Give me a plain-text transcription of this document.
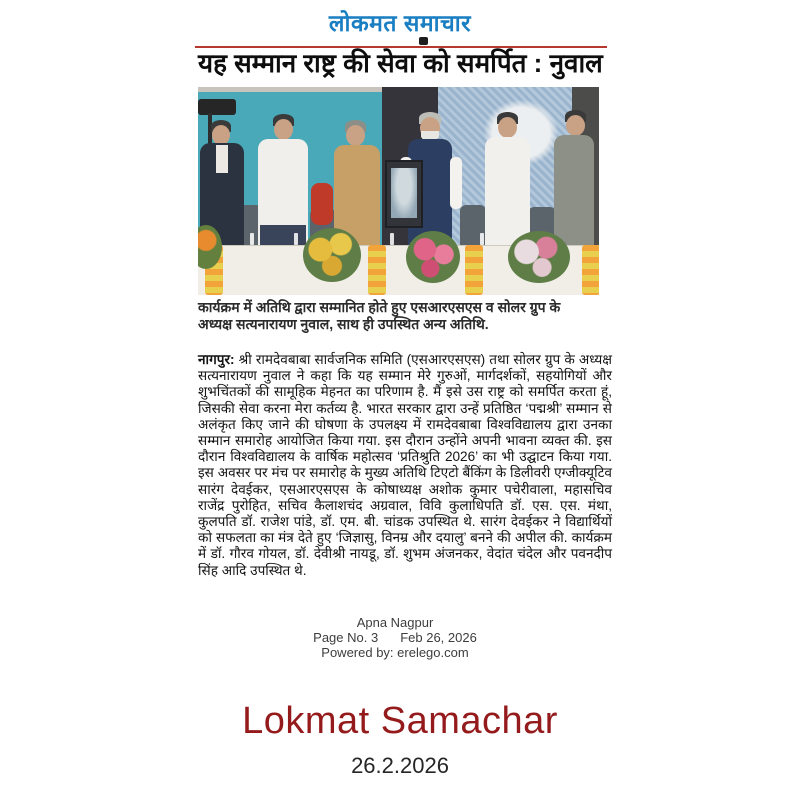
लोकमत समाचार
यह सम्मान राष्ट्र की सेवा को समर्पित : नुवाल
कार्यक्रम में अतिथि द्वारा सम्मानित होते हुए एसआरएसएस व सोलर ग्रुप के अध्यक्ष सत्यनारायण नुवाल, साथ ही उपस्थित अन्य अतिथि.
नागपुर: श्री रामदेवबाबा सार्वजनिक समिति (एसआरएसएस) तथा सोलर ग्रुप के अध्यक्ष सत्यनारायण नुवाल ने कहा कि यह सम्मान मेरे गुरुओं, मार्गदर्शकों, सहयोगियों और शुभचिंतकों की सामूहिक मेहनत का परिणाम है. मैं इसे उस राष्ट्र को समर्पित करता हूं, जिसकी सेवा करना मेरा कर्तव्य है. भारत सरकार द्वारा उन्हें प्रतिष्ठित ‘पद्मश्री’ सम्मान से अलंकृत किए जाने की घोषणा के उपलक्ष्य में रामदेवबाबा विश्वविद्यालय द्वारा उनका सम्मान समारोह आयोजित किया गया. इस दौरान उन्होंने अपनी भावना व्यक्त की. इस दौरान विश्वविद्यालय के वार्षिक महोत्सव ‘प्रतिश्रुति 2026’ का भी उद्घाटन किया गया. इस अवसर पर मंच पर समारोह के मुख्य अतिथि टिएटो बैंकिंग के डिलीवरी एग्जीक्यूटिव सारंग देवईकर, एसआरएसएस के कोषाध्यक्ष अशोक कुमार पचेरीवाला, महासचिव राजेंद्र पुरोहित, सचिव कैलाशचंद अग्रवाल, विवि कुलाधिपति डॉ. एस. एस. मंथा, कुलपति डॉ. राजेश पांडे, डॉ. एम. बी. चांडक उपस्थित थे. सारंग देवईकर ने विद्यार्थियों को सफलता का मंत्र देते हुए ‘जिज्ञासु, विनम्र और दयालु’ बनने की अपील की. कार्यक्रम में डॉ. गौरव गोयल, डॉ. देवीश्री नायडू, डॉ. शुभम अंजनकर, वेदांत चंदेल और पवनदीप सिंह आदि उपस्थित थे.
Apna Nagpur
Page No. 3 Feb 26, 2026
Powered by: erelego.com
Lokmat Samachar
26.2.2026
